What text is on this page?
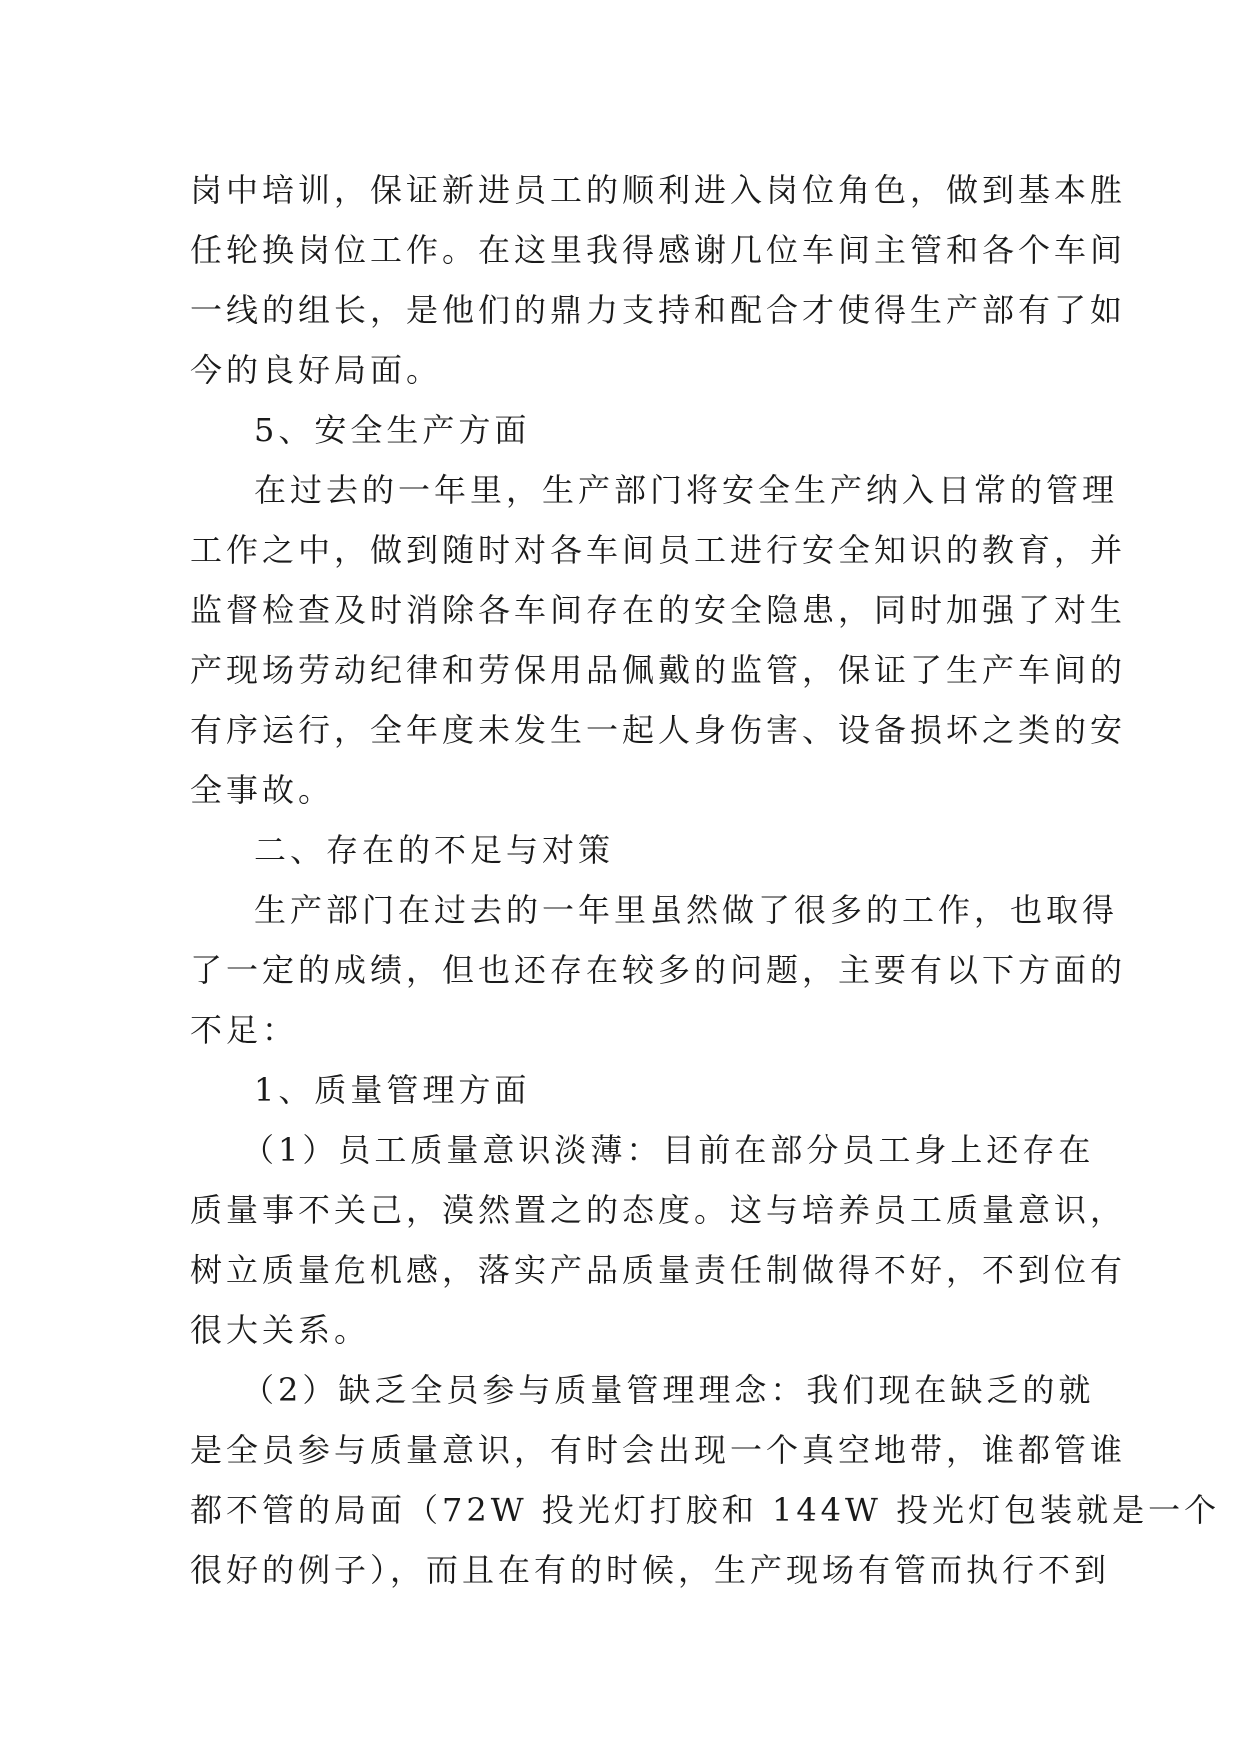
岗中培训，保证新进员工的顺利进入岗位角色，做到基本胜
任轮换岗位工作。在这里我得感谢几位车间主管和各个车间
一线的组长，是他们的鼎力支持和配合才使得生产部有了如
今的良好局面。
5、安全生产方面
在过去的一年里，生产部门将安全生产纳入日常的管理
工作之中，做到随时对各车间员工进行安全知识的教育，并
监督检查及时消除各车间存在的安全隐患，同时加强了对生
产现场劳动纪律和劳保用品佩戴的监管，保证了生产车间的
有序运行，全年度未发生一起人身伤害、设备损坏之类的安
全事故。
二、存在的不足与对策
生产部门在过去的一年里虽然做了很多的工作，也取得
了一定的成绩，但也还存在较多的问题，主要有以下方面的
不足：
1、质量管理方面
（1）员工质量意识淡薄：目前在部分员工身上还存在
质量事不关己，漠然置之的态度。这与培养员工质量意识，
树立质量危机感，落实产品质量责任制做得不好，不到位有
很大关系。
（2）缺乏全员参与质量管理理念：我们现在缺乏的就
是全员参与质量意识，有时会出现一个真空地带，谁都管谁
都不管的局面（72W 投光灯打胶和 144W 投光灯包装就是一个
很好的例子），而且在有的时候，生产现场有管而执行不到
